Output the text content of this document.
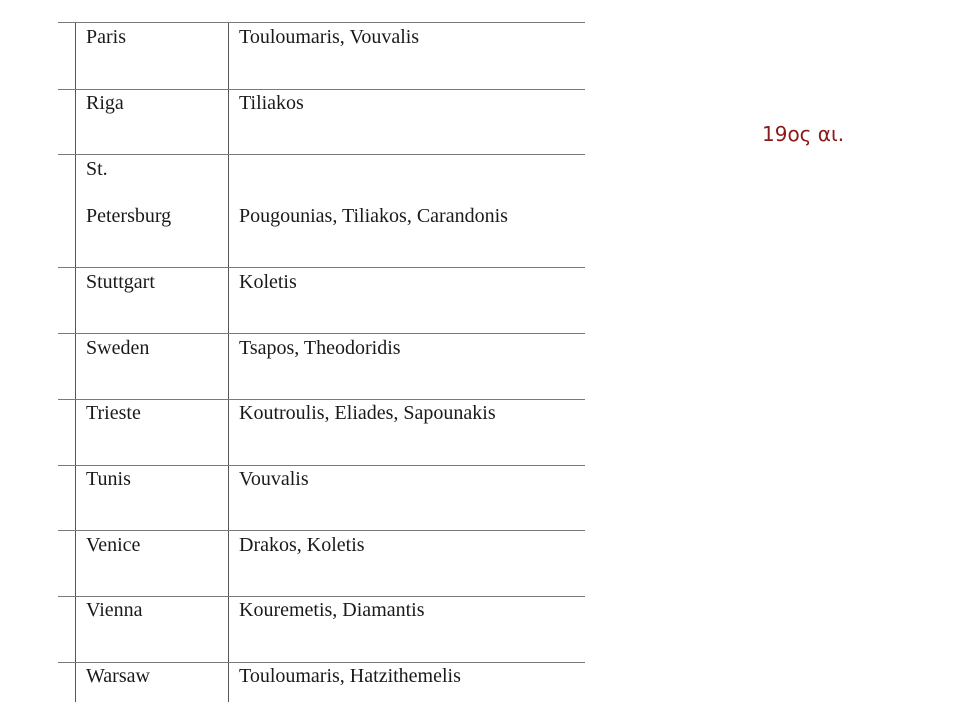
Paris	Touloumaris, Vouvalis
Riga	Tiliakos
St.
Petersburg	Pougounias, Tiliakos, Carandonis
Stuttgart	Koletis
Sweden	Tsapos, Theodoridis
Trieste	Koutroulis, Eliades, Sapounakis
Tunis	Vouvalis
Venice	Drakos, Koletis
Vienna	Kouremetis, Diamantis
Warsaw	Touloumaris, Hatzithemelis
19ος αι.
